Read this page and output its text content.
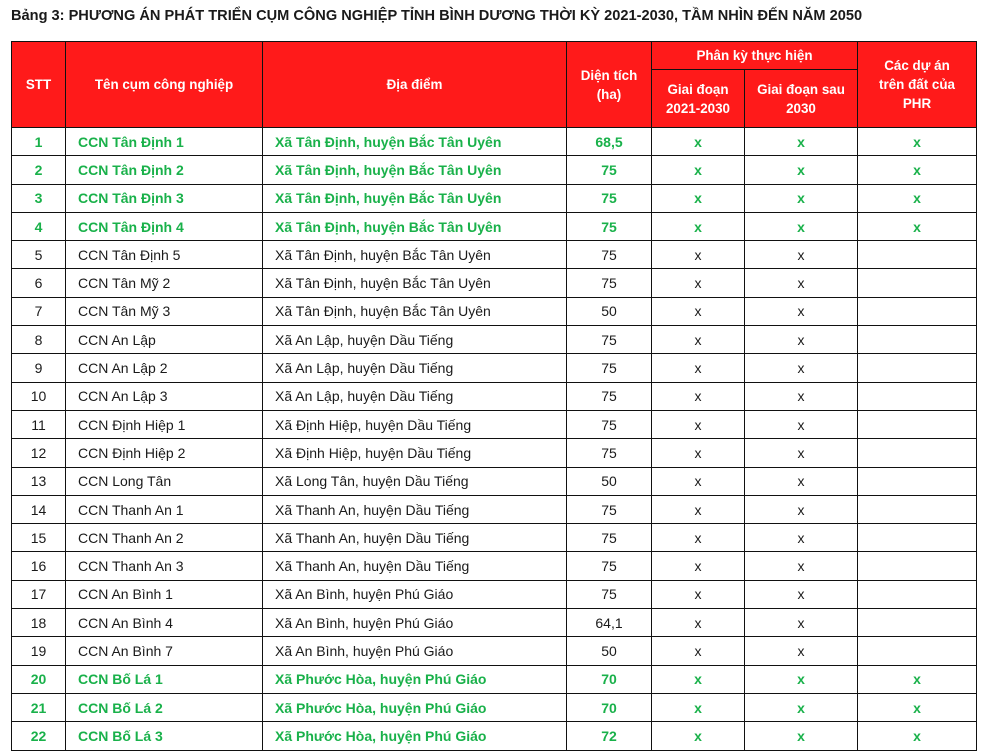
Bảng 3: PHƯƠNG ÁN PHÁT TRIỂN CỤM CÔNG NGHIỆP TỈNH BÌNH DƯƠNG THỜI KỲ 2021-2030, TẦM NHÌN ĐẾN NĂM 2050
STT	Tên cụm công nghiệp	Địa điểm	Diện tích (ha)	Phân kỳ thực hiện		Các dự án trên đất của PHR
				Giai đoạn 2021-2030	Giai đoạn sau 2030	
1	CCN Tân Định 1	Xã Tân Định, huyện Bắc Tân Uyên	68,5	x	x	x
2	CCN Tân Định 2	Xã Tân Định, huyện Bắc Tân Uyên	75	x	x	x
3	CCN Tân Định 3	Xã Tân Định, huyện Bắc Tân Uyên	75	x	x	x
4	CCN Tân Định 4	Xã Tân Định, huyện Bắc Tân Uyên	75	x	x	x
5	CCN Tân Định 5	Xã Tân Định, huyện Bắc Tân Uyên	75	x	x	
6	CCN Tân Mỹ 2	Xã Tân Định, huyện Bắc Tân Uyên	75	x	x	
7	CCN Tân Mỹ 3	Xã Tân Định, huyện Bắc Tân Uyên	50	x	x	
8	CCN An Lập	Xã An Lập, huyện Dầu Tiếng	75	x	x	
9	CCN An Lập 2	Xã An Lập, huyện Dầu Tiếng	75	x	x	
10	CCN An Lập 3	Xã An Lập, huyện Dầu Tiếng	75	x	x	
11	CCN Định Hiệp 1	Xã Định Hiệp, huyện Dầu Tiếng	75	x	x	
12	CCN Định Hiệp 2	Xã Định Hiệp, huyện Dầu Tiếng	75	x	x	
13	CCN Long Tân	Xã Long Tân, huyện Dầu Tiếng	50	x	x	
14	CCN Thanh An 1	Xã Thanh An, huyện Dầu Tiếng	75	x	x	
15	CCN Thanh An 2	Xã Thanh An, huyện Dầu Tiếng	75	x	x	
16	CCN Thanh An 3	Xã Thanh An, huyện Dầu Tiếng	75	x	x	
17	CCN An Bình 1	Xã An Bình, huyện Phú Giáo	75	x	x	
18	CCN An Bình 4	Xã An Bình, huyện Phú Giáo	64,1	x	x	
19	CCN An Bình 7	Xã An Bình, huyện Phú Giáo	50	x	x	
20	CCN Bố Lá 1	Xã Phước Hòa, huyện Phú Giáo	70	x	x	x
21	CCN Bố Lá 2	Xã Phước Hòa, huyện Phú Giáo	70	x	x	x
22	CCN Bố Lá 3	Xã Phước Hòa, huyện Phú Giáo	72	x	x	x
